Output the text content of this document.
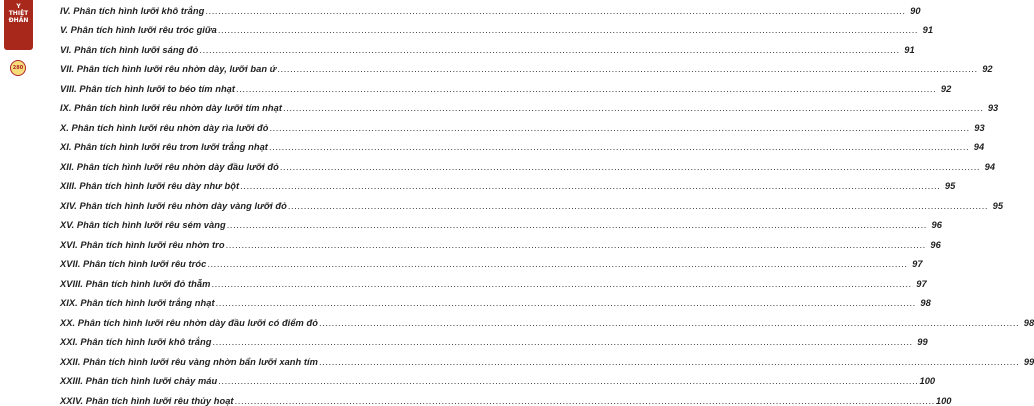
Y
THIỆT
ĐHÂN
280
IV. Phân tích hình lưỡi khô trắng ............................................................................................................................................................................................................................ 90
V. Phân tích hình lưỡi rêu tróc giữa ............................................................................................................................................................................................................................ 91
VI. Phân tích hình lưỡi sáng đỏ ............................................................................................................................................................................................................................ 91
VII. Phân tích hình lưỡi rêu nhờn dày, lưỡi ban ứ ............................................................................................................................................................................................................................ 92
VIII. Phân tích hình lưỡi to béo tím nhạt ............................................................................................................................................................................................................................ 92
IX. Phân tích hình lưỡi rêu nhờn dày lưỡi tím nhạt ............................................................................................................................................................................................................................ 93
X. Phân tích hình lưỡi rêu nhờn dày rìa lưỡi đỏ ............................................................................................................................................................................................................................ 93
XI. Phân tích hình lưỡi rêu trơn lưỡi trắng nhạt ............................................................................................................................................................................................................................ 94
XII. Phân tích hình lưỡi rêu nhờn dày đầu lưỡi đỏ ............................................................................................................................................................................................................................ 94
XIII. Phân tích hình lưỡi rêu dày như bột ............................................................................................................................................................................................................................ 95
XIV. Phân tích hình lưỡi rêu nhờn dày vàng lưỡi đỏ ............................................................................................................................................................................................................................ 95
XV. Phân tích hình lưỡi rêu sém vàng ............................................................................................................................................................................................................................ 96
XVI. Phân tích hình lưỡi rêu nhờn tro ............................................................................................................................................................................................................................ 96
XVII. Phân tích hình lưỡi rêu tróc ............................................................................................................................................................................................................................ 97
XVIII. Phân tích hình lưỡi đỏ thẫm ............................................................................................................................................................................................................................ 97
XIX. Phân tích hình lưỡi trắng nhạt ............................................................................................................................................................................................................................ 98
XX. Phân tích hình lưỡi rêu nhờn dày đầu lưỡi có điểm đỏ ............................................................................................................................................................................................................................ 98
XXI. Phân tích hình lưỡi khô trắng ............................................................................................................................................................................................................................ 99
XXII. Phân tích hình lưỡi rêu vàng nhờn bẩn lưỡi xanh tím ............................................................................................................................................................................................................................ 99
XXIII. Phân tích hình lưỡi chảy máu ............................................................................................................................................................................................................................ 100
XXIV. Phân tích hình lưỡi rêu thủy hoạt ............................................................................................................................................................................................................................ 100
